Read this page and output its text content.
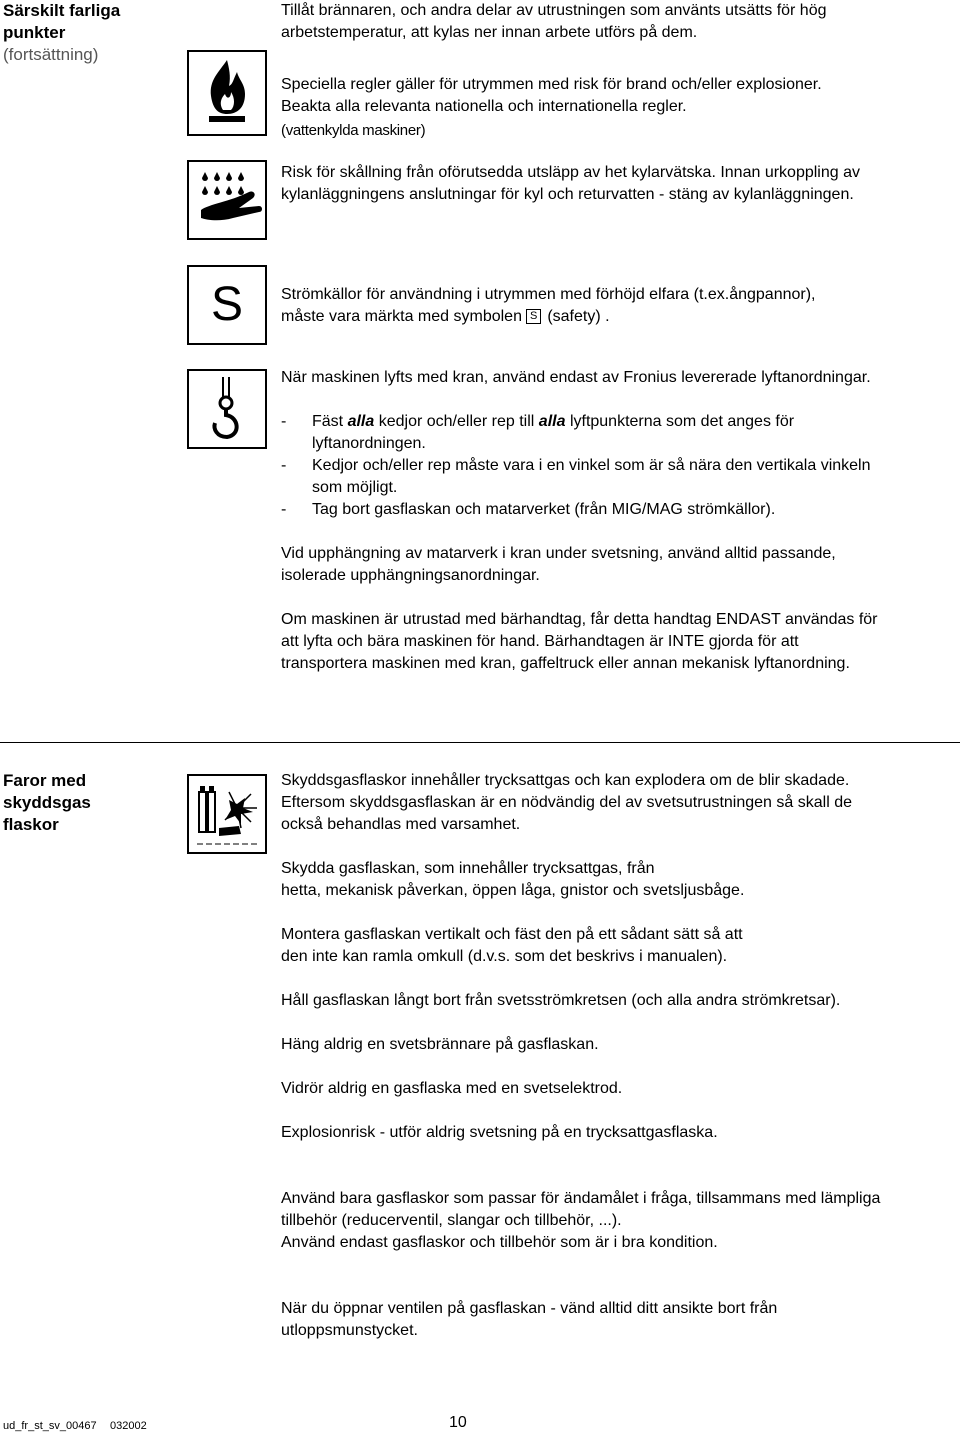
Särskilt farliga punkter
(fortsättning)

Tillåt brännaren, och andra delar av utrustningen som använts utsätts för hög arbetstemperatur, att kylas ner innan arbete utförs på dem.

Speciella regler gäller för utrymmen med risk för brand och/eller explosioner.

Beakta alla relevanta nationella och internationella regler.

(vattenkylda maskiner)

Risk för skållning från oförutsedda utsläpp av het kylarvätska. Innan urkoppling av kylanläggningens anslutningar för kyl och returvatten - stäng av kylanläggningen.

S Strömkällor för användning i utrymmen med förhöjd elfara (t.ex.ångpannor),

måste vara märkta med symbolen S (safety) .

När maskinen lyfts med kran, använd endast av Fronius levererade lyftanordningar.

-	Fäst alla kedjor och/eller rep till alla lyftpunkterna som det anges för lyftanordningen.
-	Kedjor och/eller rep måste vara i en vinkel som är så nära den vertikala vinkeln som möjligt.
-	Tag bort gasflaskan och matarverket (från MIG/MAG strömkällor).

Vid upphängning av matarverk i kran under svetsning, använd alltid passande, isolerade upphängningsanordningar.

Om maskinen är utrustad med bärhandtag, får detta handtag ENDAST användas för att lyfta och bära maskinen för hand. Bärhandtagen är INTE gjorda för att transportera maskinen med kran, gaffeltruck eller annan mekanisk lyftanordning.

Faror med skyddsgas flaskor

Skyddsgasflaskor innehåller trycksattgas och kan explodera om de blir skadade. Eftersom skyddsgasflaskan är en nödvändig del av svetsutrustningen så skall de också behandlas med varsamhet.

Skydda gasflaskan, som innehåller trycksattgas, från

hetta, mekanisk påverkan, öppen låga, gnistor och svetsljusbåge.

Montera gasflaskan vertikalt och fäst den på ett sådant sätt så att

den inte kan ramla omkull (d.v.s. som det beskrivs i manualen).

Håll gasflaskan långt bort från svetsströmkretsen (och alla andra strömkretsar).

Häng aldrig en svetsbrännare på gasflaskan.

Vidrör aldrig en gasflaska med en svetselektrod.

Explosionrisk - utför aldrig svetsning på en trycksattgasflaska.

Använd bara gasflaskor som passar för ändamålet i fråga, tillsammans med lämpliga tillbehör (reducerventil, slangar och tillbehör, ...).

Använd endast gasflaskor och tillbehör som är i bra kondition.

När du öppnar ventilen på gasflaskan - vänd alltid ditt ansikte bort från utloppsmunstycket.

ud_fr_st_sv_00467 032002	10
